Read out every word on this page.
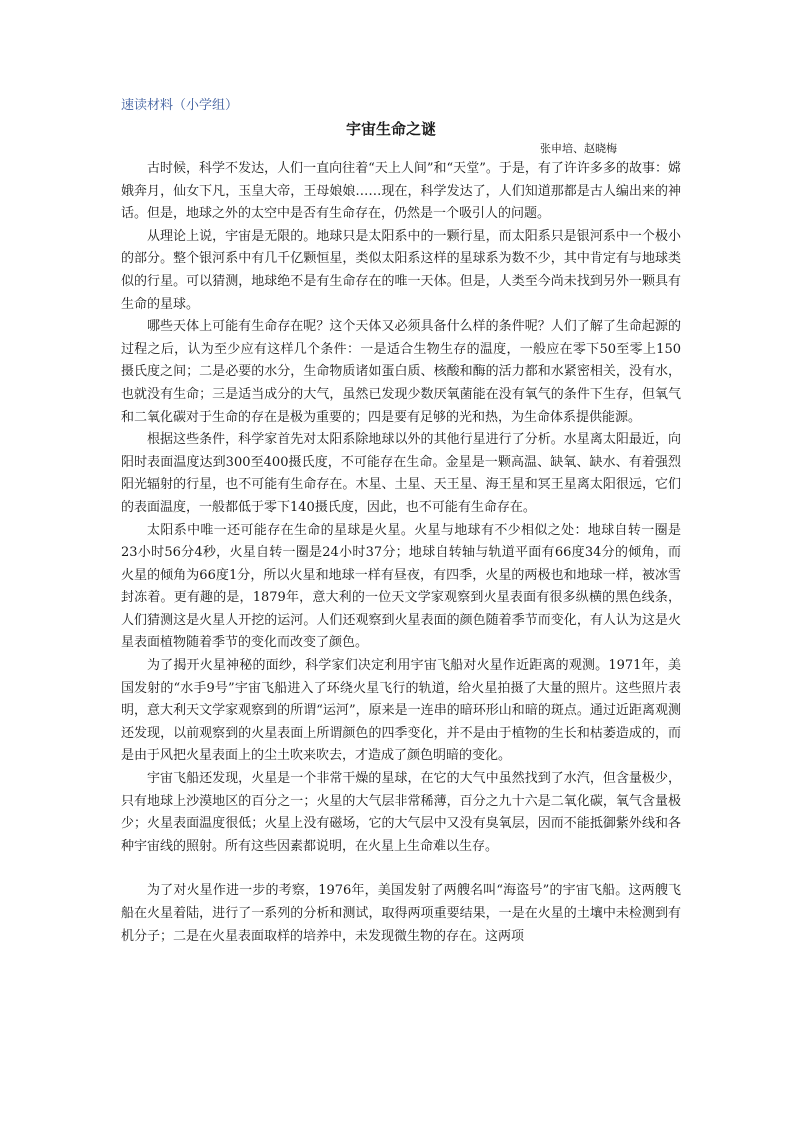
速读材料（小学组）
宇宙生命之谜
张申培、赵晓梅

古时候，科学不发达，人们一直向往着“天上人间”和“天堂”。于是，有了许许多多的故事：嫦娥奔月，仙女下凡，玉皇大帝，王母娘娘……现在，科学发达了，人们知道那都是古人编出来的神话。但是，地球之外的太空中是否有生命存在，仍然是一个吸引人的问题。

从理论上说，宇宙是无限的。地球只是太阳系中的一颗行星，而太阳系只是银河系中一个极小的部分。整个银河系中有几千亿颗恒星，类似太阳系这样的星球系为数不少，其中肯定有与地球类似的行星。可以猜测，地球绝不是有生命存在的唯一天体。但是，人类至今尚未找到另外一颗具有生命的星球。

哪些天体上可能有生命存在呢？这个天体又必须具备什么样的条件呢？人们了解了生命起源的过程之后，认为至少应有这样几个条件：一是适合生物生存的温度，一般应在零下50至零上150摄氏度之间；二是必要的水分，生命物质诸如蛋白质、核酸和酶的活力都和水紧密相关，没有水，也就没有生命；三是适当成分的大气，虽然已发现少数厌氧菌能在没有氧气的条件下生存，但氧气和二氧化碳对于生命的存在是极为重要的；四是要有足够的光和热，为生命体系提供能源。

根据这些条件，科学家首先对太阳系除地球以外的其他行星进行了分析。水星离太阳最近，向阳时表面温度达到300至400摄氏度，不可能存在生命。金星是一颗高温、缺氧、缺水、有着强烈阳光辐射的行星，也不可能有生命存在。木星、土星、天王星、海王星和冥王星离太阳很远，它们的表面温度，一般都低于零下140摄氏度，因此，也不可能有生命存在。

太阳系中唯一还可能存在生命的星球是火星。火星与地球有不少相似之处：地球自转一圈是23小时56分4秒，火星自转一圈是24小时37分；地球自转轴与轨道平面有66度34分的倾角，而火星的倾角为66度1分，所以火星和地球一样有昼夜，有四季，火星的两极也和地球一样，被冰雪封冻着。更有趣的是，1879年，意大利的一位天文学家观察到火星表面有很多纵横的黑色线条，人们猜测这是火星人开挖的运河。人们还观察到火星表面的颜色随着季节而变化，有人认为这是火星表面植物随着季节的变化而改变了颜色。

为了揭开火星神秘的面纱，科学家们决定利用宇宙飞船对火星作近距离的观测。1971年，美国发射的“水手9号”宇宙飞船进入了环绕火星飞行的轨道，给火星拍摄了大量的照片。这些照片表明，意大利天文学家观察到的所谓“运河”，原来是一连串的暗环形山和暗的斑点。通过近距离观测还发现，以前观察到的火星表面上所谓颜色的四季变化，并不是由于植物的生长和枯萎造成的，而是由于风把火星表面上的尘土吹来吹去，才造成了颜色明暗的变化。

宇宙飞船还发现，火星是一个非常干燥的星球，在它的大气中虽然找到了水汽，但含量极少，只有地球上沙漠地区的百分之一；火星的大气层非常稀薄，百分之九十六是二氧化碳，氧气含量极少；火星表面温度很低；火星上没有磁场，它的大气层中又没有臭氧层，因而不能抵御紫外线和各种宇宙线的照射。所有这些因素都说明，在火星上生命难以生存。

为了对火星作进一步的考察，1976年，美国发射了两艘名叫“海盗号”的宇宙飞船。这两艘飞船在火星着陆，进行了一系列的分析和测试，取得两项重要结果，一是在火星的土壤中未检测到有机分子；二是在火星表面取样的培养中，未发现微生物的存在。这两项
